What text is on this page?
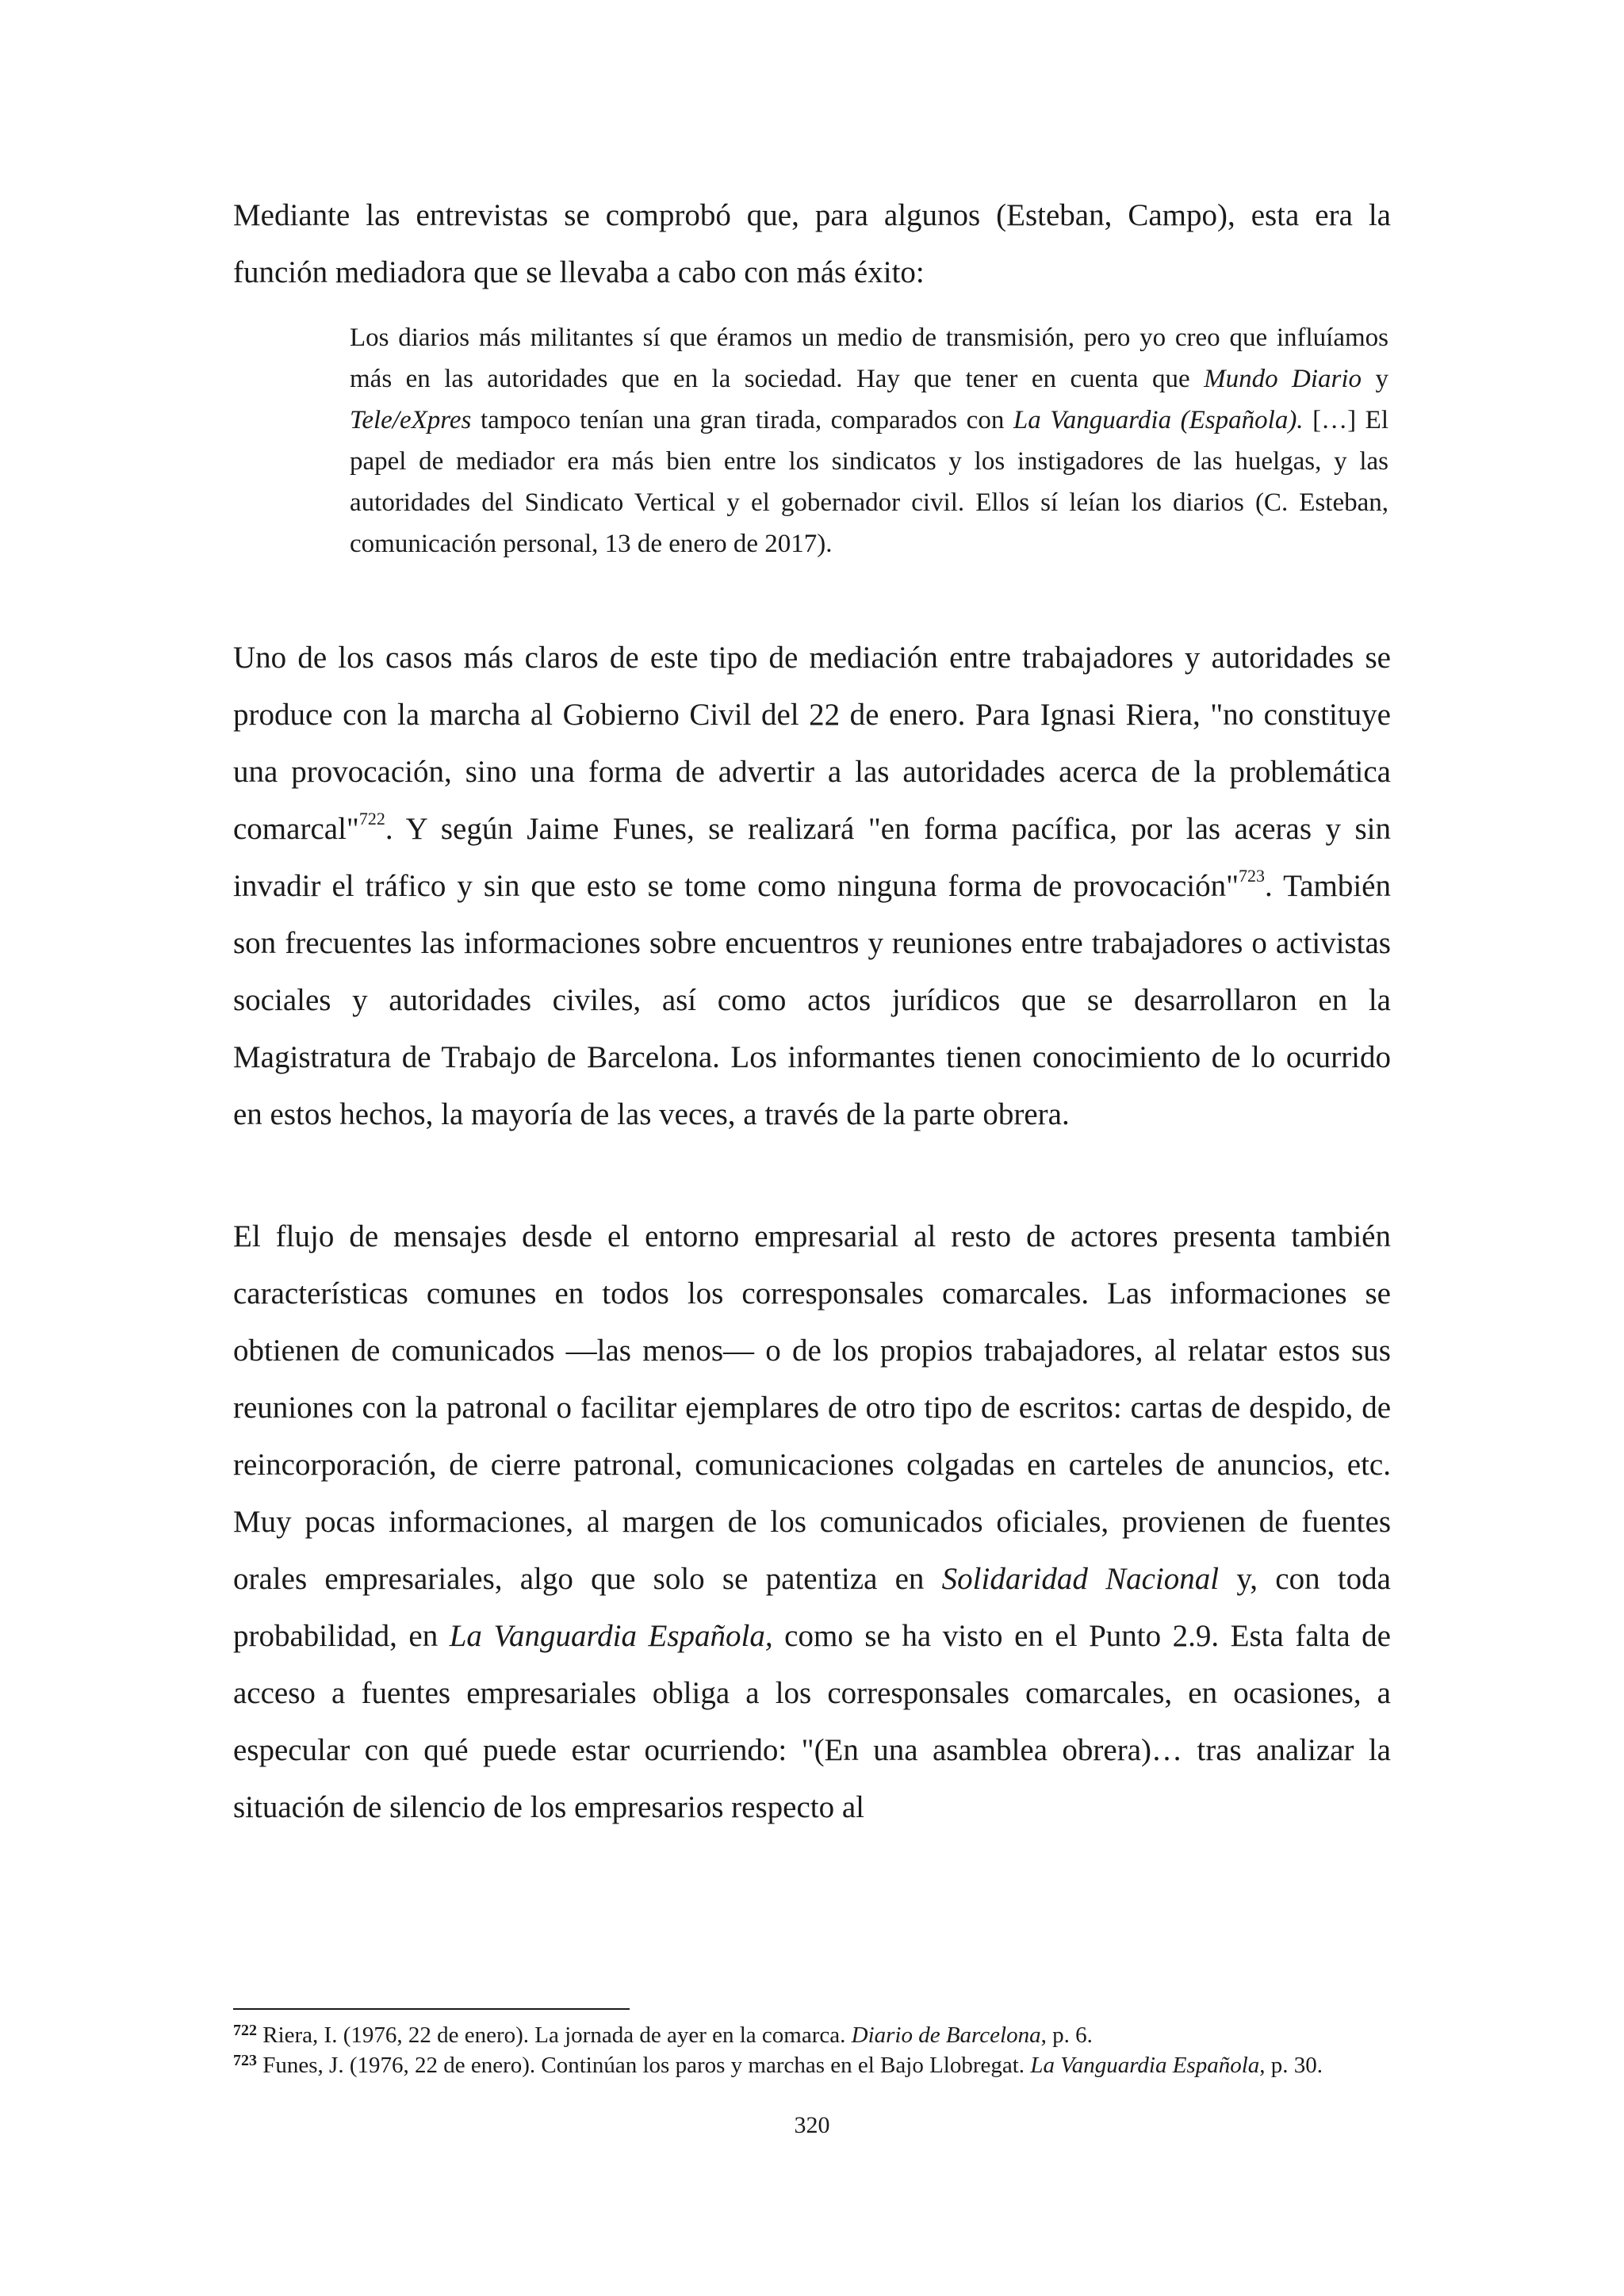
Mediante las entrevistas se comprobó que, para algunos (Esteban, Campo), esta era la función mediadora que se llevaba a cabo con más éxito:

Los diarios más militantes sí que éramos un medio de transmisión, pero yo creo que influíamos más en las autoridades que en la sociedad. Hay que tener en cuenta que Mundo Diario y Tele/eXpres tampoco tenían una gran tirada, comparados con La Vanguardia (Española). […] El papel de mediador era más bien entre los sindicatos y los instigadores de las huelgas, y las autoridades del Sindicato Vertical y el gobernador civil. Ellos sí leían los diarios (C. Esteban, comunicación personal, 13 de enero de 2017).

Uno de los casos más claros de este tipo de mediación entre trabajadores y autoridades se produce con la marcha al Gobierno Civil del 22 de enero. Para Ignasi Riera, "no constituye una provocación, sino una forma de advertir a las autoridades acerca de la problemática comarcal"$^{722}$. Y según Jaime Funes, se realizará "en forma pacífica, por las aceras y sin invadir el tráfico y sin que esto se tome como ninguna forma de provocación"$^{723}$. También son frecuentes las informaciones sobre encuentros y reuniones entre trabajadores o activistas sociales y autoridades civiles, así como actos jurídicos que se desarrollaron en la Magistratura de Trabajo de Barcelona. Los informantes tienen conocimiento de lo ocurrido en estos hechos, la mayoría de las veces, a través de la parte obrera.

El flujo de mensajes desde el entorno empresarial al resto de actores presenta también características comunes en todos los corresponsales comarcales. Las informaciones se obtienen de comunicados —las menos— o de los propios trabajadores, al relatar estos sus reuniones con la patronal o facilitar ejemplares de otro tipo de escritos: cartas de despido, de reincorporación, de cierre patronal, comunicaciones colgadas en carteles de anuncios, etc. Muy pocas informaciones, al margen de los comunicados oficiales, provienen de fuentes orales empresariales, algo que solo se patentiza en Solidaridad Nacional y, con toda probabilidad, en La Vanguardia Española, como se ha visto en el Punto 2.9. Esta falta de acceso a fuentes empresariales obliga a los corresponsales comarcales, en ocasiones, a especular con qué puede estar ocurriendo: "(En una asamblea obrera)… tras analizar la situación de silencio de los empresarios respecto al

$^{722}$ Riera, I. (1976, 22 de enero). La jornada de ayer en la comarca. Diario de Barcelona, p. 6.

$^{723}$ Funes, J. (1976, 22 de enero). Continúan los paros y marchas en el Bajo Llobregat. La Vanguardia Española, p. 30.

320
